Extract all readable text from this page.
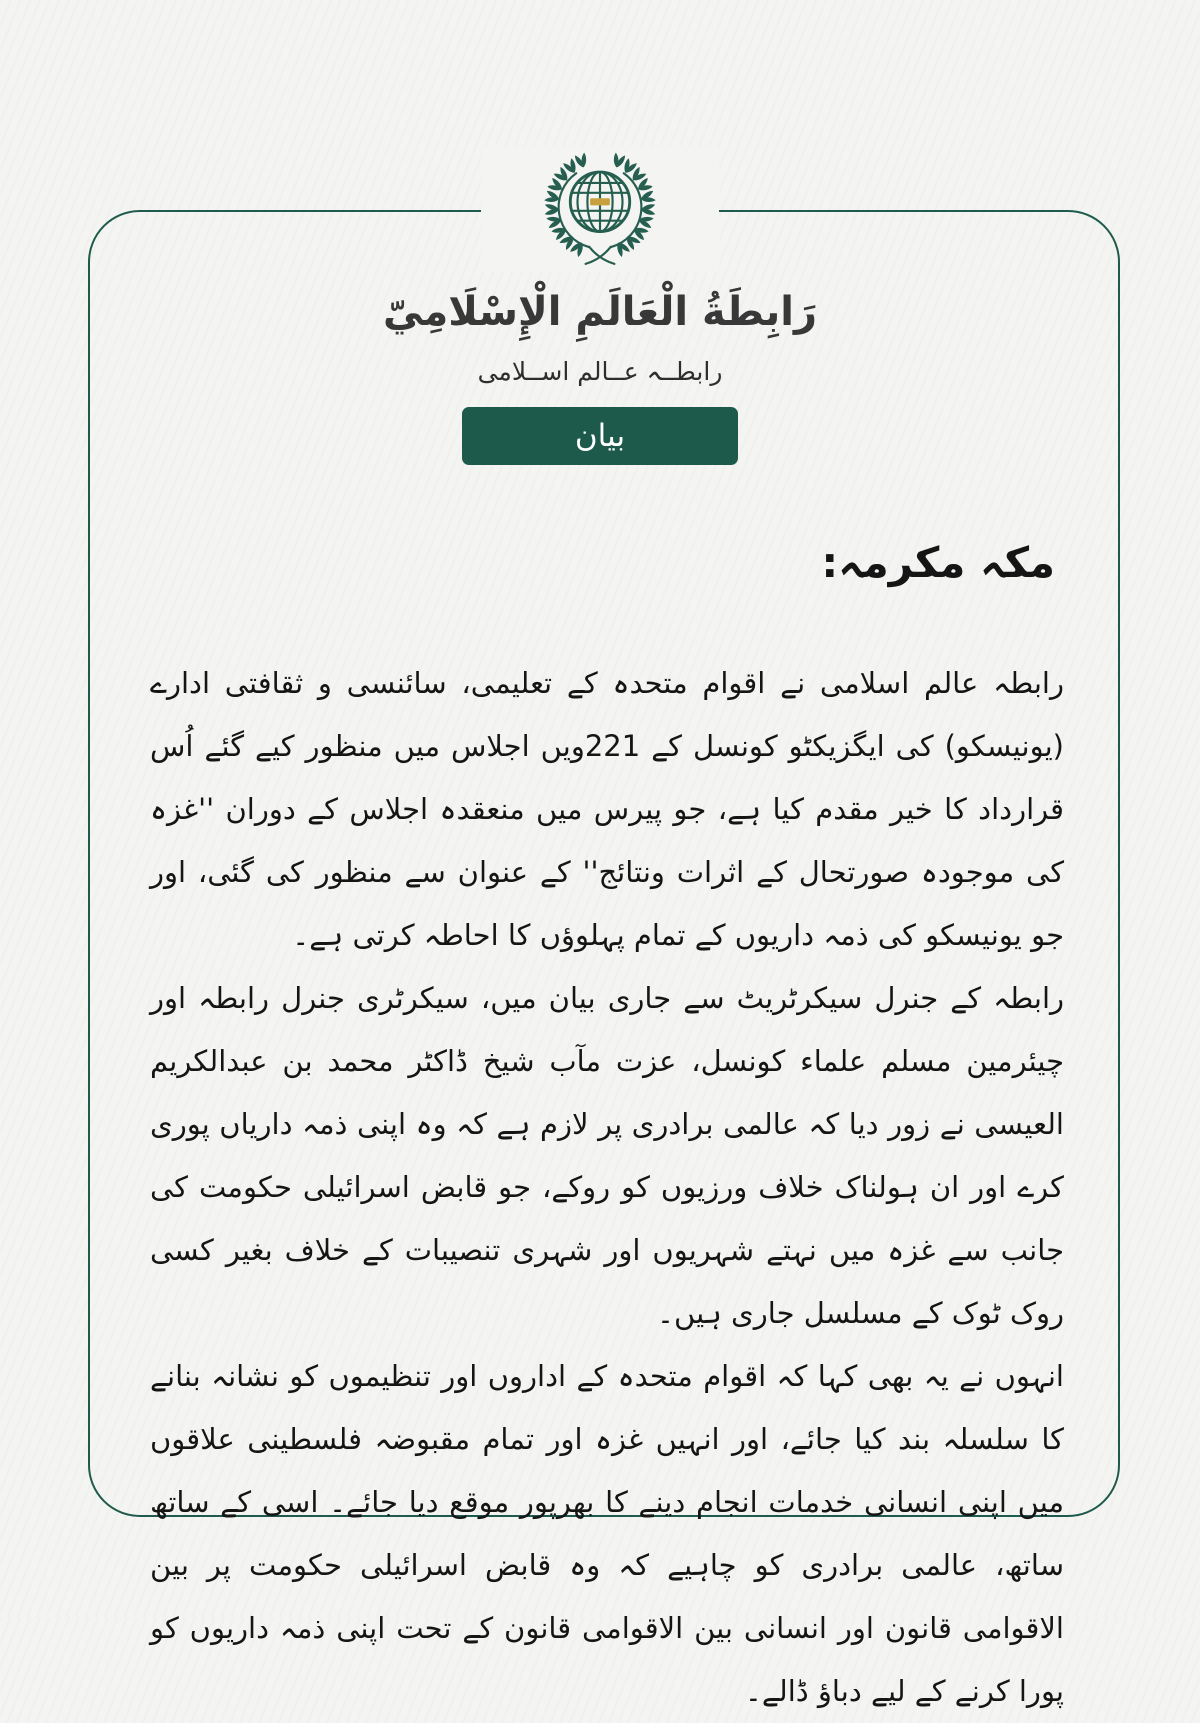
رَابِطَةُ الْعَالَمِ الْإِسْلَامِيّ
رابطــہ عــالم اســلامی
بیان
مکہ مکرمہ:

رابطہ عالم اسلامی نے اقوام متحدہ کے تعلیمی، سائنسی و ثقافتی ادارے (یونیسکو) کی ایگزیکٹو کونسل کے 221ویں اجلاس میں منظور کیے گئے اُس قرارداد کا خیر مقدم کیا ہے، جو پیرس میں منعقدہ اجلاس کے دوران ''غزہ کی موجودہ صورتحال کے اثرات ونتائج'' کے عنوان سے منظور کی گئی، اور جو یونیسکو کی ذمہ داریوں کے تمام پہلوؤں کا احاطہ کرتی ہے۔

رابطہ کے جنرل سیکرٹریٹ سے جاری بیان میں، سیکرٹری جنرل رابطہ اور چیئرمین مسلم علماء کونسل، عزت مآب شیخ ڈاکٹر محمد بن عبدالکریم العیسی نے زور دیا کہ عالمی برادری پر لازم ہے کہ وہ اپنی ذمہ داریاں پوری کرے اور ان ہولناک خلاف ورزیوں کو روکے، جو قابض اسرائیلی حکومت کی جانب سے غزہ میں نہتے شہریوں اور شہری تنصیبات کے خلاف بغیر کسی روک ٹوک کے مسلسل جاری ہیں۔

انہوں نے یہ بھی کہا کہ اقوام متحدہ کے اداروں اور تنظیموں کو نشانہ بنانے کا سلسلہ بند کیا جائے، اور انہیں غزہ اور تمام مقبوضہ فلسطینی علاقوں میں اپنی انسانی خدمات انجام دینے کا بھرپور موقع دیا جائے۔ اسی کے ساتھ ساتھ، عالمی برادری کو چاہیے کہ وہ قابض اسرائیلی حکومت پر بین الاقوامی قانون اور انسانی بین الاقوامی قانون کے تحت اپنی ذمہ داریوں کو پورا کرنے کے لیے دباؤ ڈالے۔
